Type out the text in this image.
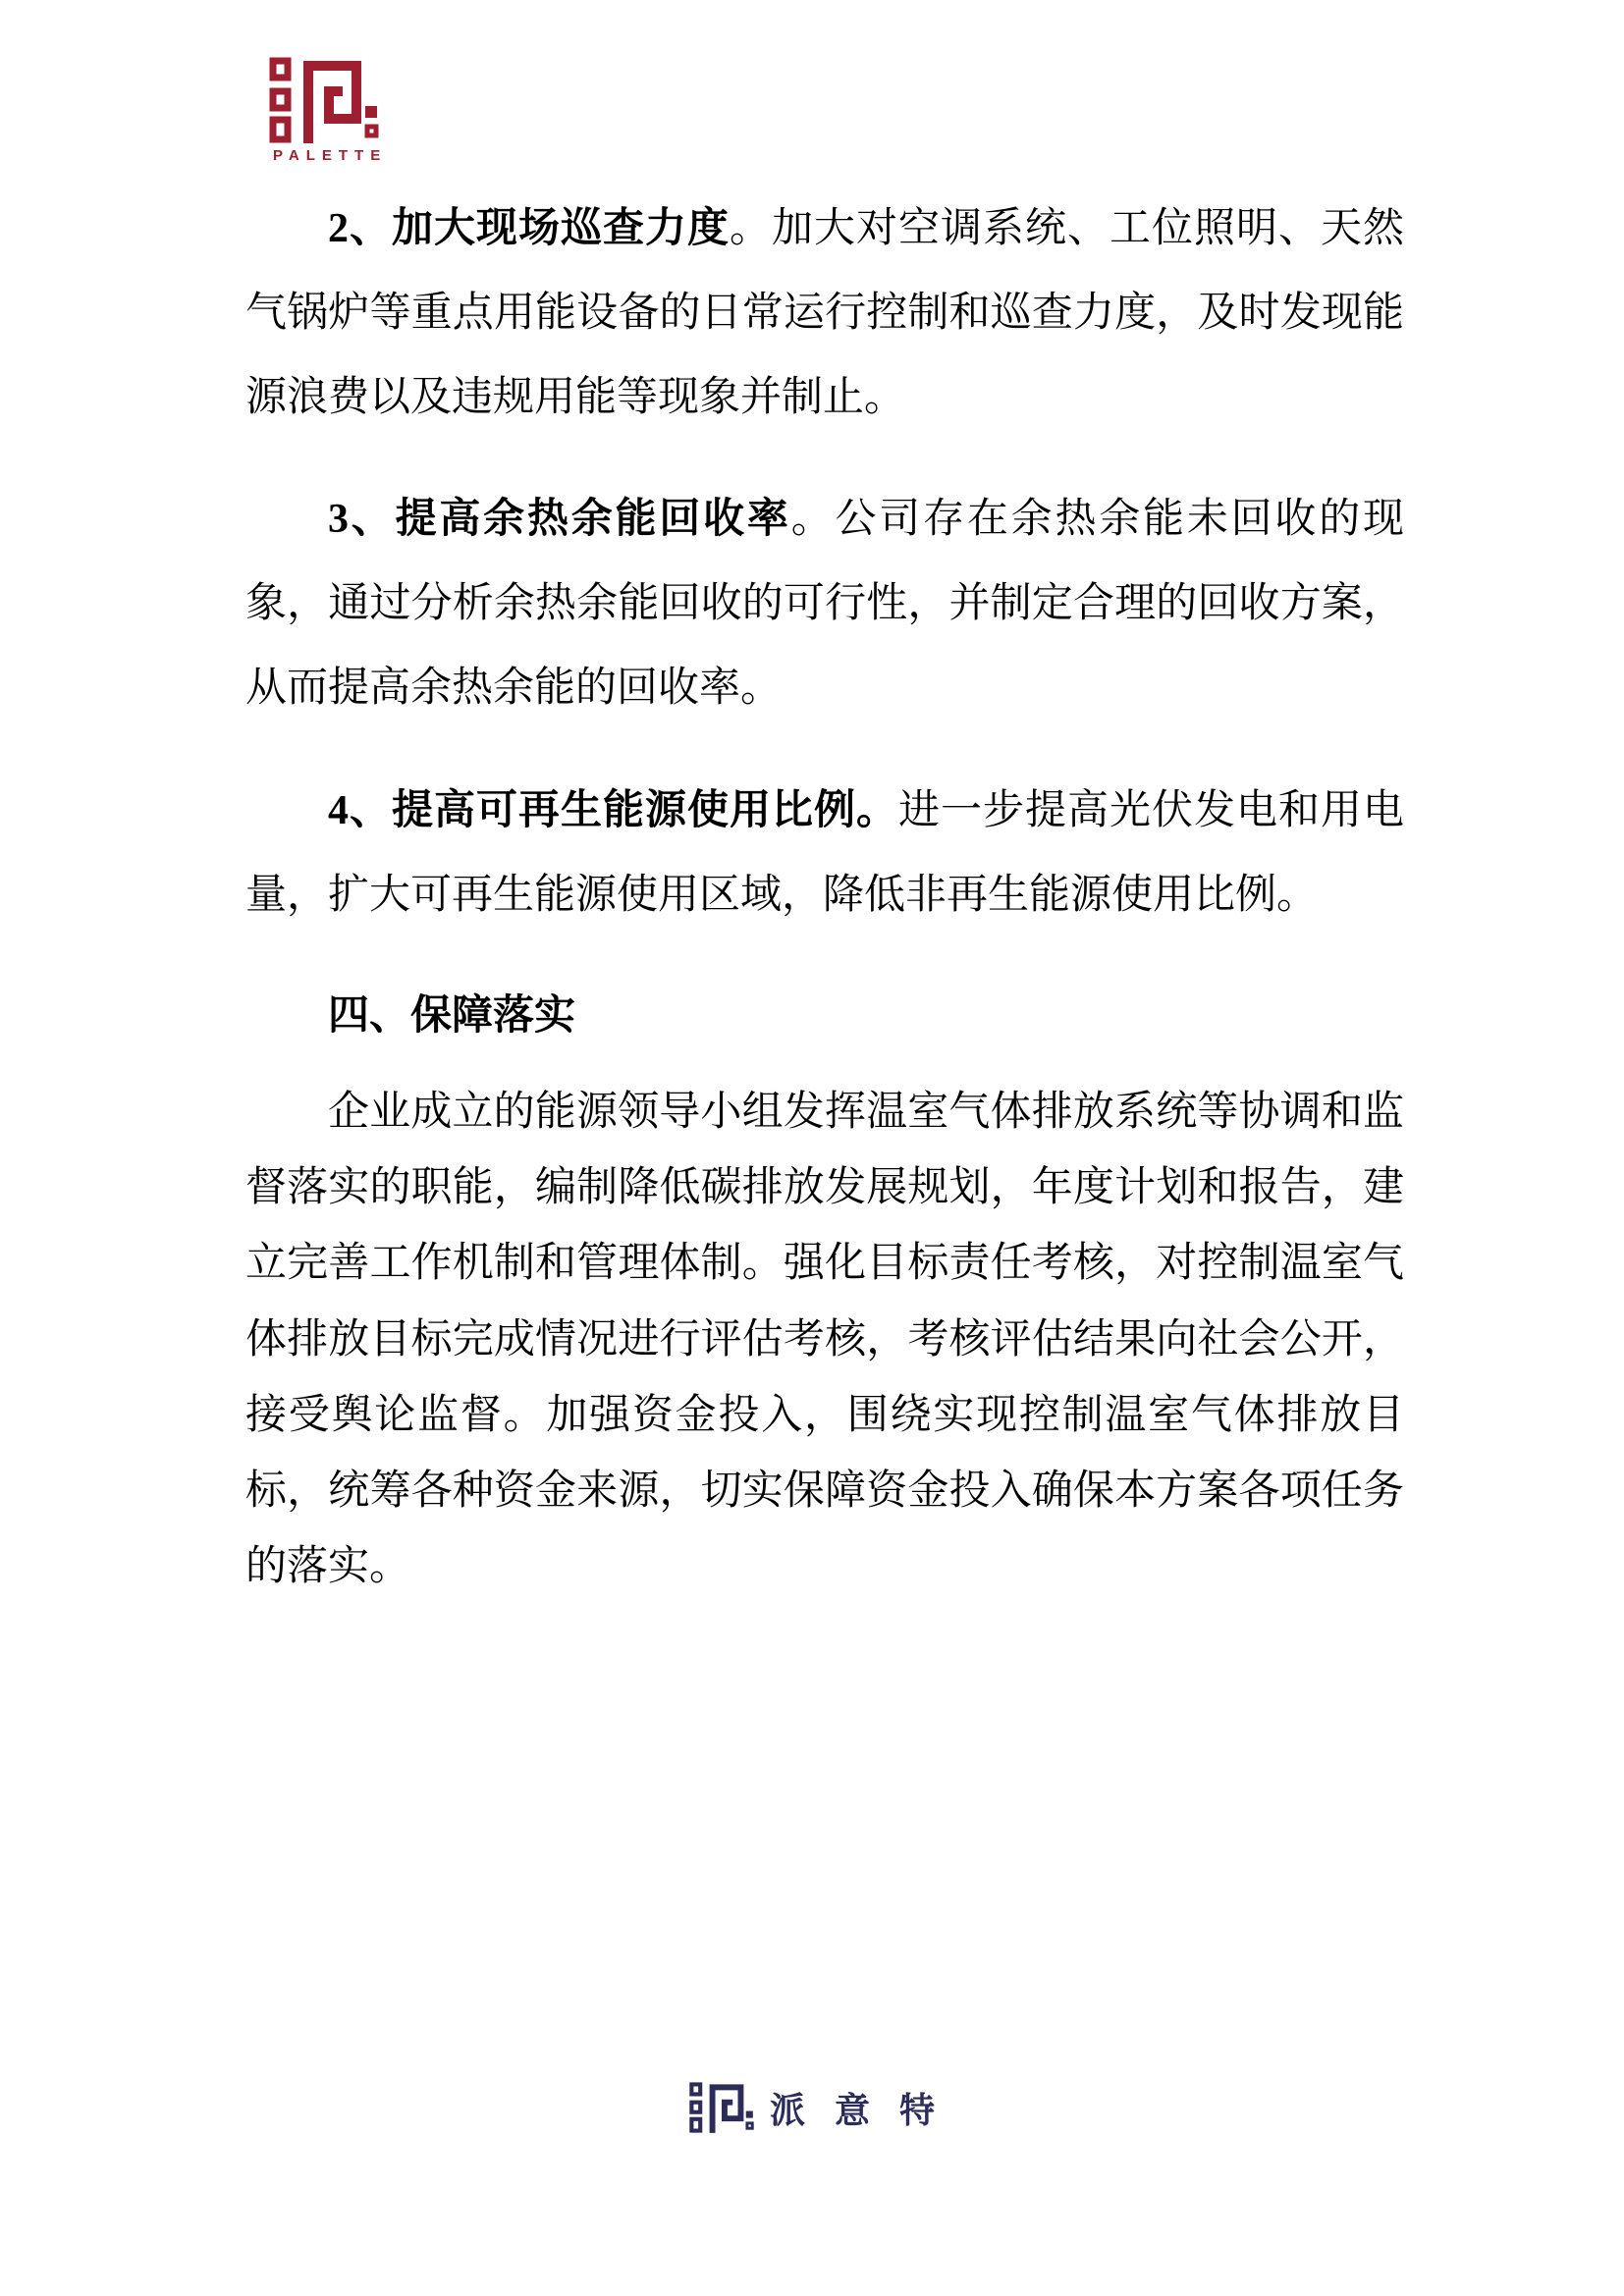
PALETTE

2、加大现场巡查力度。加大对空调系统、工位照明、天然气锅炉等重点用能设备的日常运行控制和巡查力度，及时发现能源浪费以及违规用能等现象并制止。

3、提高余热余能回收率。公司存在余热余能未回收的现象，通过分析余热余能回收的可行性，并制定合理的回收方案，从而提高余热余能的回收率。

4、提高可再生能源使用比例。进一步提高光伏发电和用电量，扩大可再生能源使用区域，降低非再生能源使用比例。

四、保障落实

企业成立的能源领导小组发挥温室气体排放系统等协调和监督落实的职能，编制降低碳排放发展规划，年度计划和报告，建立完善工作机制和管理体制。强化目标责任考核，对控制温室气体排放目标完成情况进行评估考核，考核评估结果向社会公开，接受舆论监督。加强资金投入，围绕实现控制温室气体排放目标，统筹各种资金来源，切实保障资金投入确保本方案各项任务的落实。

派意特
